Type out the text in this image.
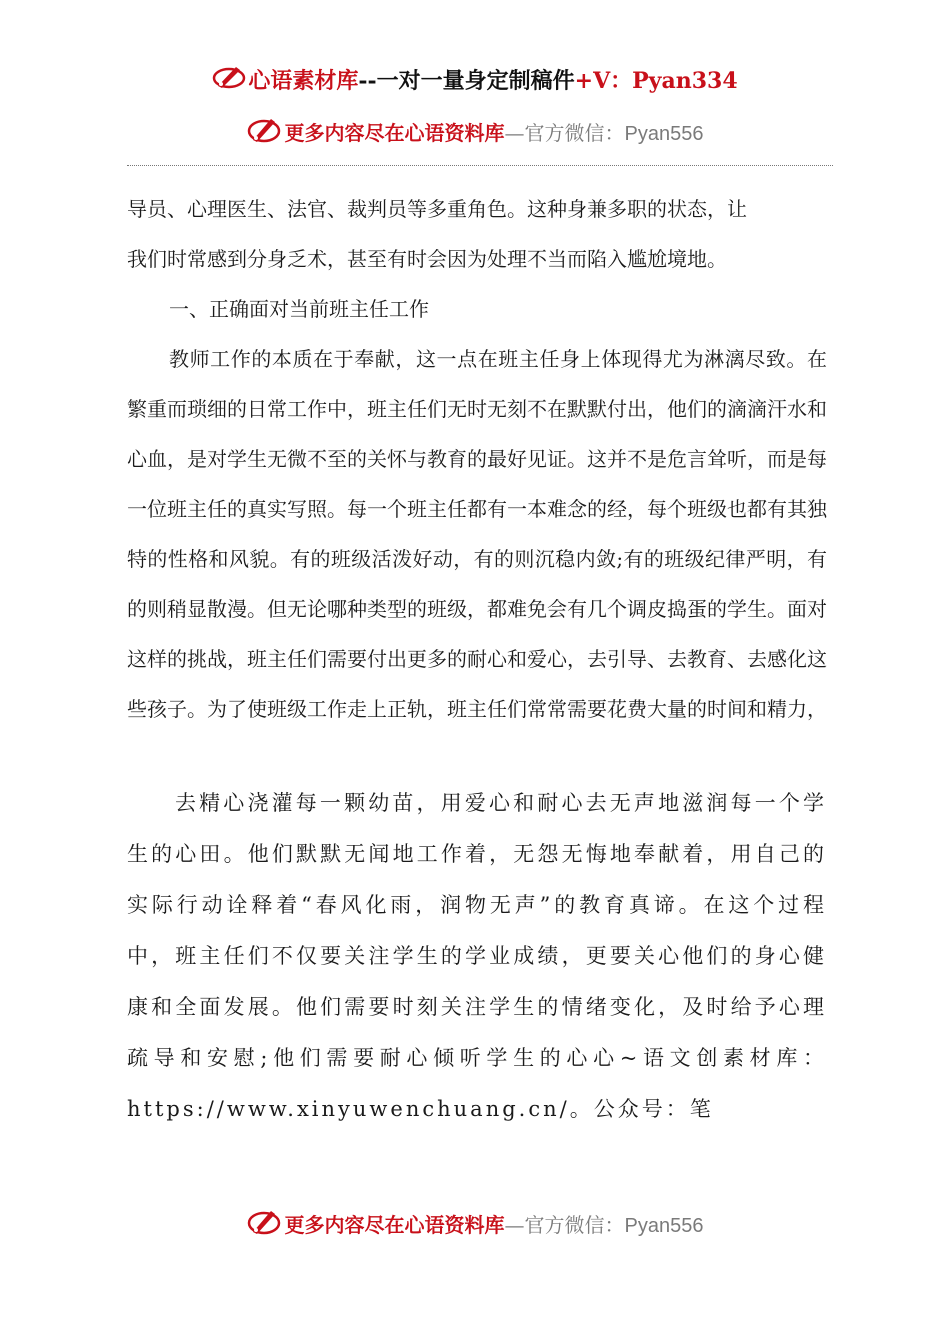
心语素材库--一对一量身定制稿件+V：Pyan334
更多内容尽在心语资料库—官方微信：Pyan556

导员、心理医生、法官、裁判员等多重角色。这种身兼多职的状态，让

我们时常感到分身乏术，甚至有时会因为处理不当而陷入尴尬境地。

一、正确面对当前班主任工作

教师工作的本质在于奉献，这一点在班主任身上体现得尤为淋漓尽致。在繁重而琐细的日常工作中，班主任们无时无刻不在默默付出，他们的滴滴汗水和心血，是对学生无微不至的关怀与教育的最好见证。这并不是危言耸听，而是每一位班主任的真实写照。每一个班主任都有一本难念的经，每个班级也都有其独特的性格和风貌。有的班级活泼好动，有的则沉稳内敛;有的班级纪律严明，有的则稍显散漫。但无论哪种类型的班级，都难免会有几个调皮捣蛋的学生。面对这样的挑战，班主任们需要付出更多的耐心和爱心，去引导、去教育、去感化这些孩子。为了使班级工作走上正轨，班主任们常常需要花费大量的时间和精力，

去精心浇灌每一颗幼苗，用爱心和耐心去无声地滋润每一个学生的心田。他们默默无闻地工作着，无怨无悔地奉献着，用自己的实际行动诠释着“春风化雨，润物无声”的教育真谛。在这个过程中，班主任们不仅要关注学生的学业成绩，更要关心他们的身心健康和全面发展。他们需要时刻关注学生的情绪变化，及时给予心理疏导和安慰;他们需要耐心倾听学生的心心~语文创素材库：https://www.xinyuwenchuang.cn/。公众号：笔

更多内容尽在心语资料库—官方微信：Pyan556
